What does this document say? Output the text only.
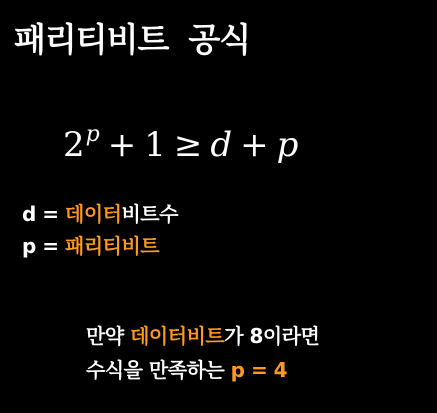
패리티비트 공식
$2^p + 1 \ge d + p$
d = 데이터비트수
p = 패리티비트
만약 데이터비트가 8이라면
수식을 만족하는 p = 4
